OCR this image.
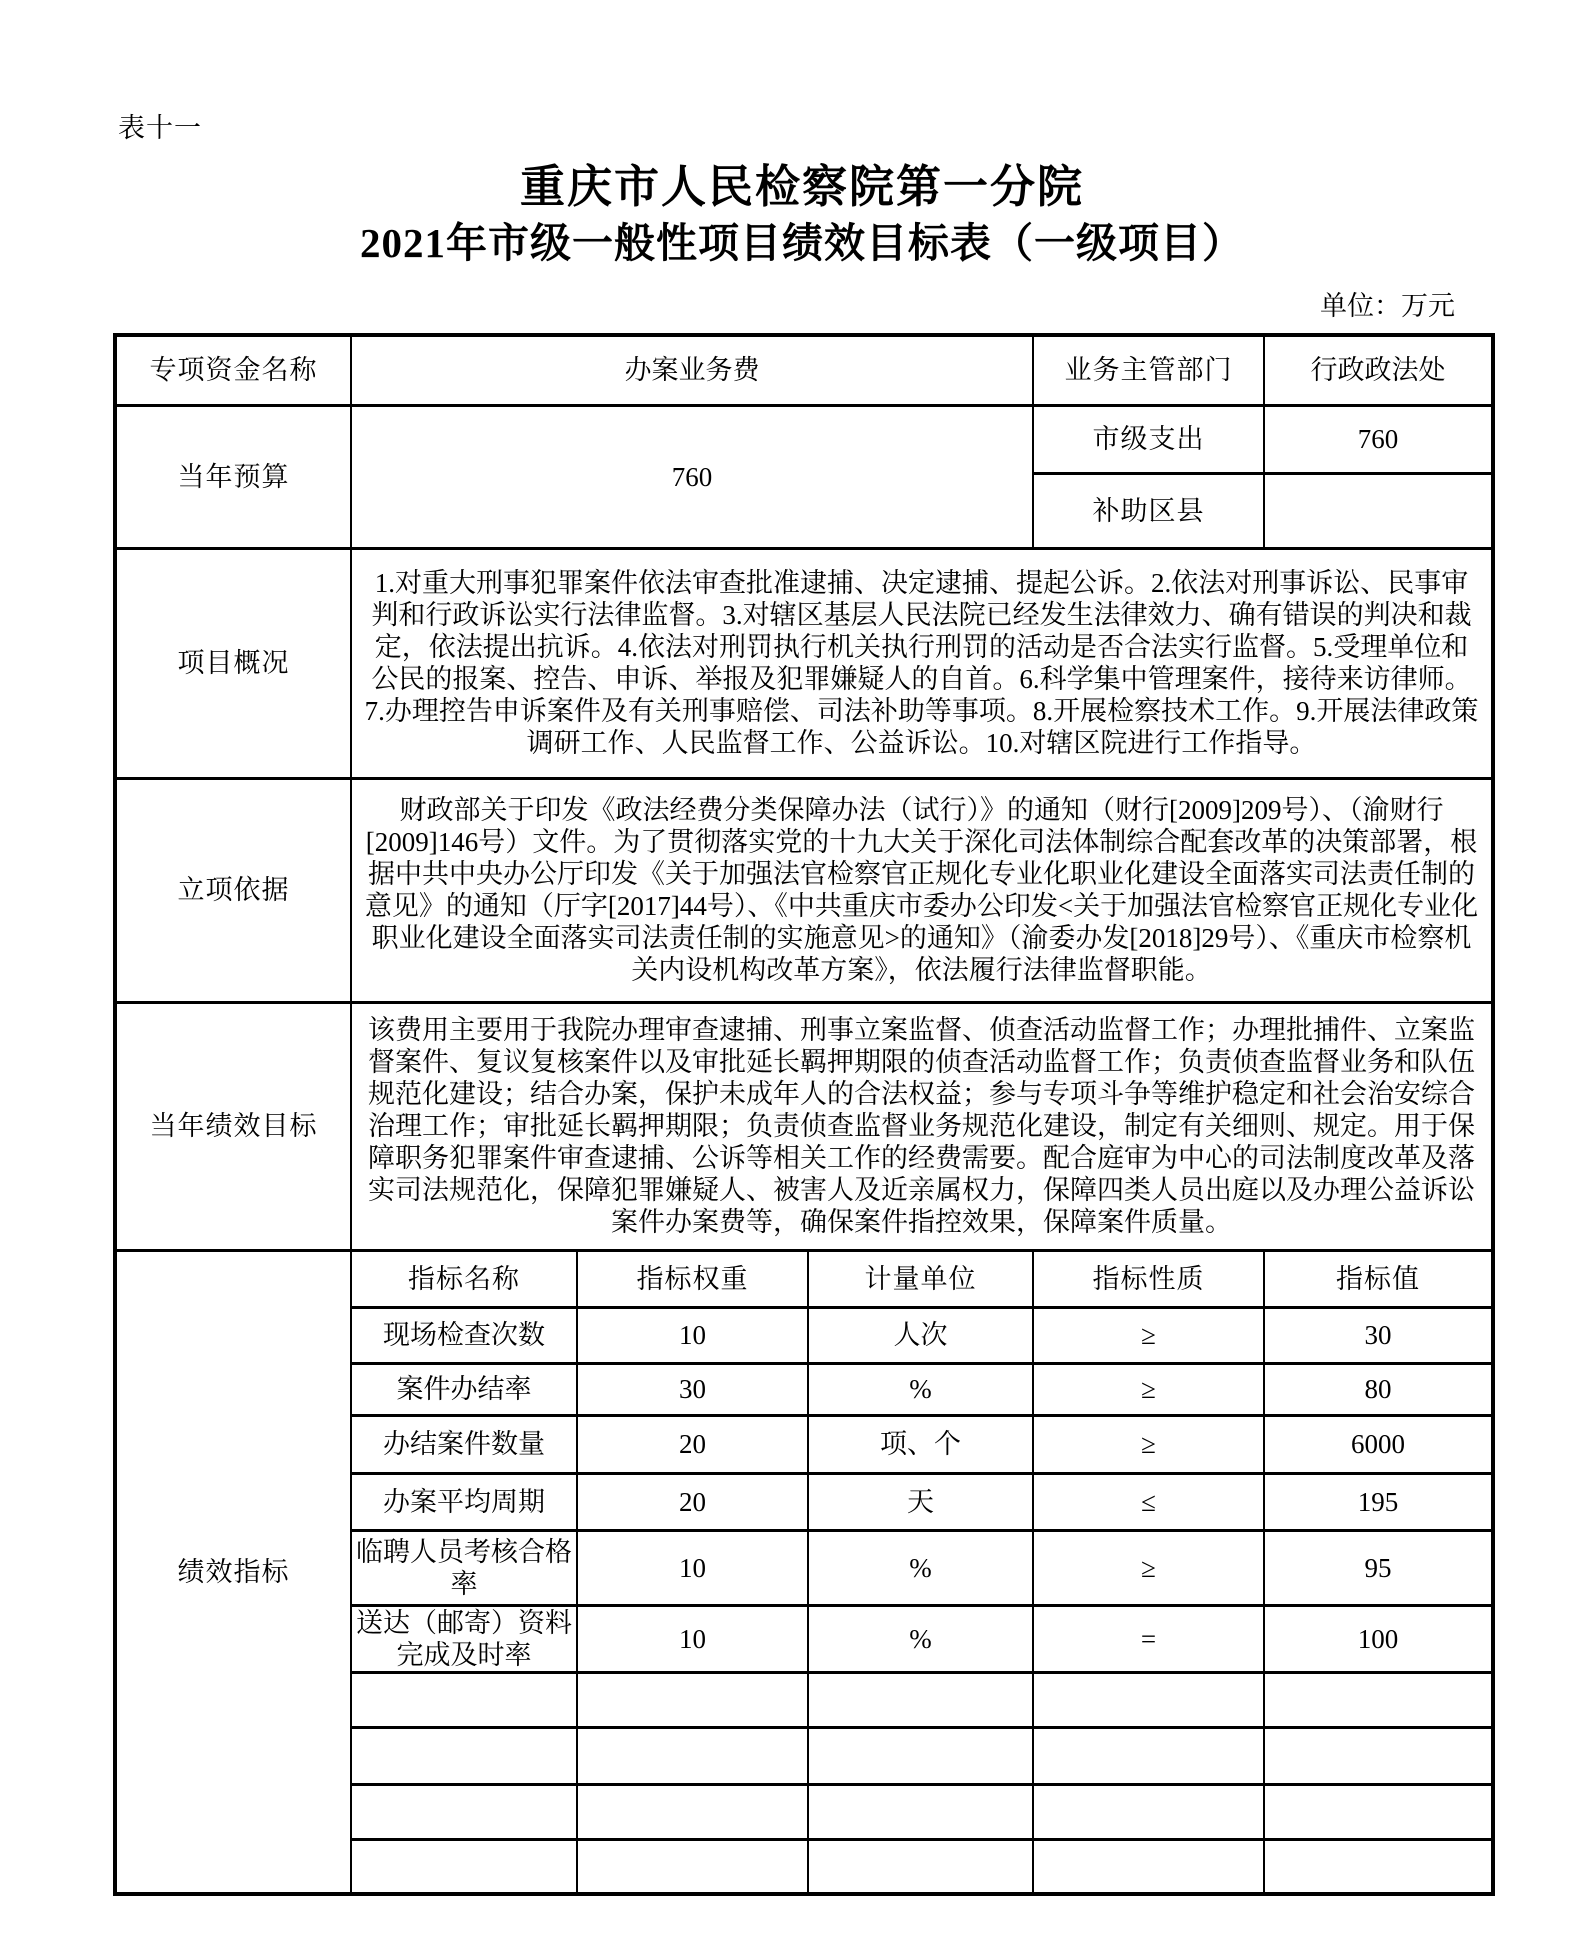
表十一
重庆市人民检察院第一分院
2021年市级一般性项目绩效目标表（一级项目）
单位：万元
专项资金名称	办案业务费			业务主管部门	行政政法处
当年预算	760			市级支出	760
				补助区县	
项目概况	1.对重大刑事犯罪案件依法审查批准逮捕、决定逮捕、提起公诉。2.依法对刑事诉讼、民事审判和行政诉讼实行法律监督。3.对辖区基层人民法院已经发生法律效力、确有错误的判决和裁定，依法提出抗诉。4.依法对刑罚执行机关执行刑罚的活动是否合法实行监督。5.受理单位和公民的报案、控告、申诉、举报及犯罪嫌疑人的自首。6.科学集中管理案件，接待来访律师。7.办理控告申诉案件及有关刑事赔偿、司法补助等事项。8.开展检察技术工作。9.开展法律政策调研工作、人民监督工作、公益诉讼。10.对辖区院进行工作指导。				
立项依据	财政部关于印发《政法经费分类保障办法（试行）》的通知（财行[2009]209号）、（渝财行[2009]146号）文件。为了贯彻落实党的十九大关于深化司法体制综合配套改革的决策部署，根据中共中央办公厅印发《关于加强法官检察官正规化专业化职业化建设全面落实司法责任制的意见》的通知（厅字[2017]44号）、《中共重庆市委办公印发<关于加强法官检察官正规化专业化职业化建设全面落实司法责任制的实施意见>的通知》（渝委办发[2018]29号）、《重庆市检察机关内设机构改革方案》，依法履行法律监督职能。				
当年绩效目标	该费用主要用于我院办理审查逮捕、刑事立案监督、侦查活动监督工作；办理批捕件、立案监督案件、复议复核案件以及审批延长羁押期限的侦查活动监督工作；负责侦查监督业务和队伍规范化建设；结合办案，保护未成年人的合法权益；参与专项斗争等维护稳定和社会治安综合治理工作；审批延长羁押期限；负责侦查监督业务规范化建设，制定有关细则、规定。用于保障职务犯罪案件审查逮捕、公诉等相关工作的经费需要。配合庭审为中心的司法制度改革及落实司法规范化，保障犯罪嫌疑人、被害人及近亲属权力，保障四类人员出庭以及办理公益诉讼案件办案费等，确保案件指控效果，保障案件质量。				
绩效指标	指标名称	指标权重	计量单位	指标性质	指标值
	现场检查次数	10	人次	≥	30
	案件办结率	30	%	≥	80
	办结案件数量	20	项、个	≥	6000
	办案平均周期	20	天	≤	195
	临聘人员考核合格率	10	%	≥	95
	送达（邮寄）资料完成及时率	10	%	=	100
